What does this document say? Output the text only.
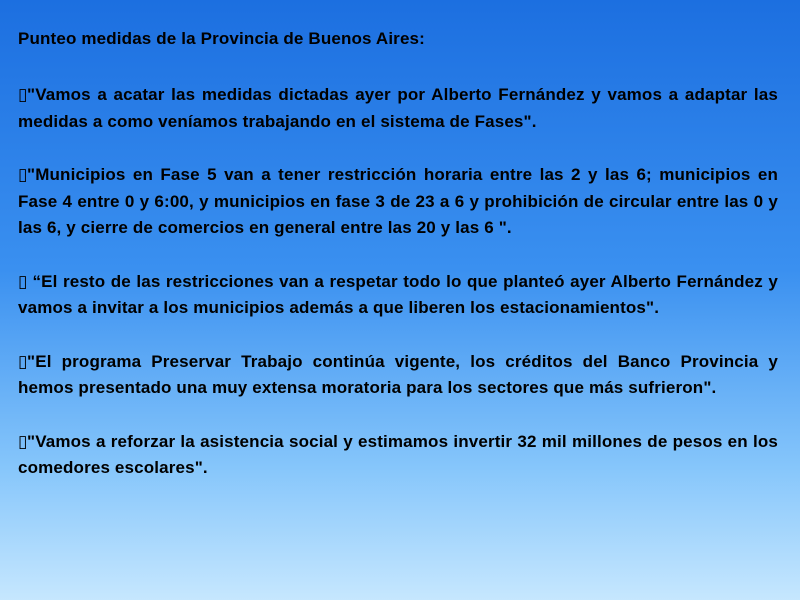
Punteo medidas de la Provincia de Buenos Aires:

▯"Vamos a acatar las medidas dictadas ayer por Alberto Fernández y vamos a adaptar las medidas a como veníamos trabajando en el sistema de Fases".

▯"Municipios en Fase 5 van a tener restricción horaria entre las 2 y las 6; municipios en Fase 4 entre 0 y 6:00, y municipios en fase 3 de 23 a 6 y prohibición de circular entre las 0 y las 6, y cierre de comercios en general entre las 20 y las 6 ".

▯ “El resto de las restricciones van a respetar todo lo que planteó ayer Alberto Fernández y vamos a invitar a los municipios además a que liberen los estacionamientos".

▯"El programa Preservar Trabajo continúa vigente, los créditos del Banco Provincia y hemos presentado una muy extensa moratoria para los sectores que más sufrieron".

▯"Vamos a reforzar la asistencia social y estimamos invertir 32 mil millones de pesos en los comedores escolares".
